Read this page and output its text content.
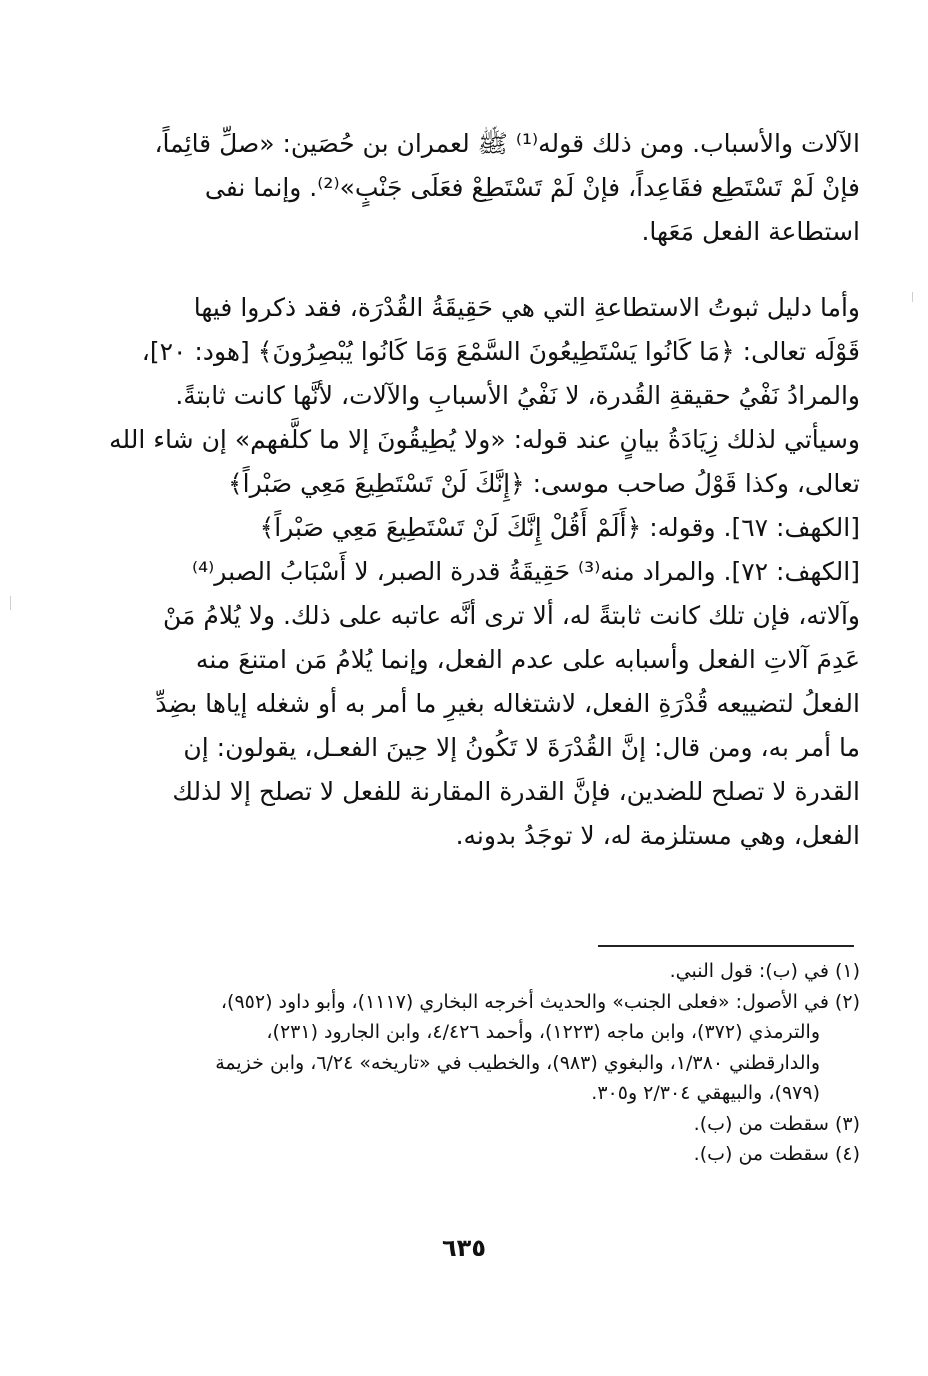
الآلات والأسباب. ومن ذلك قوله⁽¹⁾ ﷺ لعمران بن حُصَين: «صلِّ قائِماً،
فإنْ لَمْ تَسْتَطِع فقَاعِداً، فإنْ لَمْ تَسْتَطِعْ فعَلَى جَنْبٍ»⁽²⁾. وإنما نفى
استطاعة الفعل مَعَها.
وأما دليل ثبوتُ الاستطاعةِ التي هي حَقِيقَةُ القُدْرَة، فقد ذكروا فيها
قَوْلَه تعالى: ﴿مَا كَانُوا يَسْتَطِيعُونَ السَّمْعَ وَمَا كَانُوا يُبْصِرُونَ﴾ [هود: ٢٠]،
والمرادُ نَفْيُ حقيقةِ القُدرة، لا نَفْيُ الأسبابِ والآلات، لأنَّها كانت ثابتةً.
وسيأتي لذلك زِيَادَةُ بيانٍ عند قوله: «ولا يُطِيقُونَ إلا ما كلَّفهم» إن شاء الله
تعالى، وكذا قَوْلُ صاحب موسى: ﴿إِنَّكَ لَنْ تَسْتَطِيعَ مَعِي صَبْراً﴾
[الكهف: ٦٧]. وقوله: ﴿أَلَمْ أَقُلْ إِنَّكَ لَنْ تَسْتَطِيعَ مَعِي صَبْراً﴾
[الكهف: ٧٢]. والمراد منه⁽³⁾ حَقِيقَةُ قدرة الصبر، لا أَسْبَابُ الصبر⁽⁴⁾
وآلاته، فإن تلك كانت ثابتةً له، ألا ترى أنَّه عاتبه على ذلك. ولا يُلامُ مَنْ
عَدِمَ آلاتِ الفعل وأسبابه على عدم الفعل، وإنما يُلامُ مَن امتنعَ منه
الفعلُ لتضييعه قُدْرَةِ الفعل، لاشتغاله بغيرِ ما أمر به أو شغله إياها بضِدِّ
ما أمر به، ومن قال: إنَّ القُدْرَةَ لا تَكُونُ إلا حِينَ الفعـل، يقولون: إن
القدرة لا تصلح للضدين، فإنَّ القدرة المقارنة للفعل لا تصلح إلا لذلك
الفعل، وهي مستلزمة له، لا توجَدُ بدونه.
(١) في (ب): قول النبي.
(٢) في الأصول: «فعلى الجنب» والحديث أخرجه البخاري (١١١٧)، وأبو داود (٩٥٢)،
والترمذي (٣٧٢)، وابن ماجه (١٢٢٣)، وأحمد ٤/٤٢٦، وابن الجارود (٢٣١)،
والدارقطني ١/٣٨٠، والبغوي (٩٨٣)، والخطيب في «تاريخه» ٦/٢٤، وابن خزيمة
(٩٧٩)، والبيهقي ٢/٣٠٤ و٣٠٥.
(٣) سقطت من (ب).
(٤) سقطت من (ب).
٦٣٥
